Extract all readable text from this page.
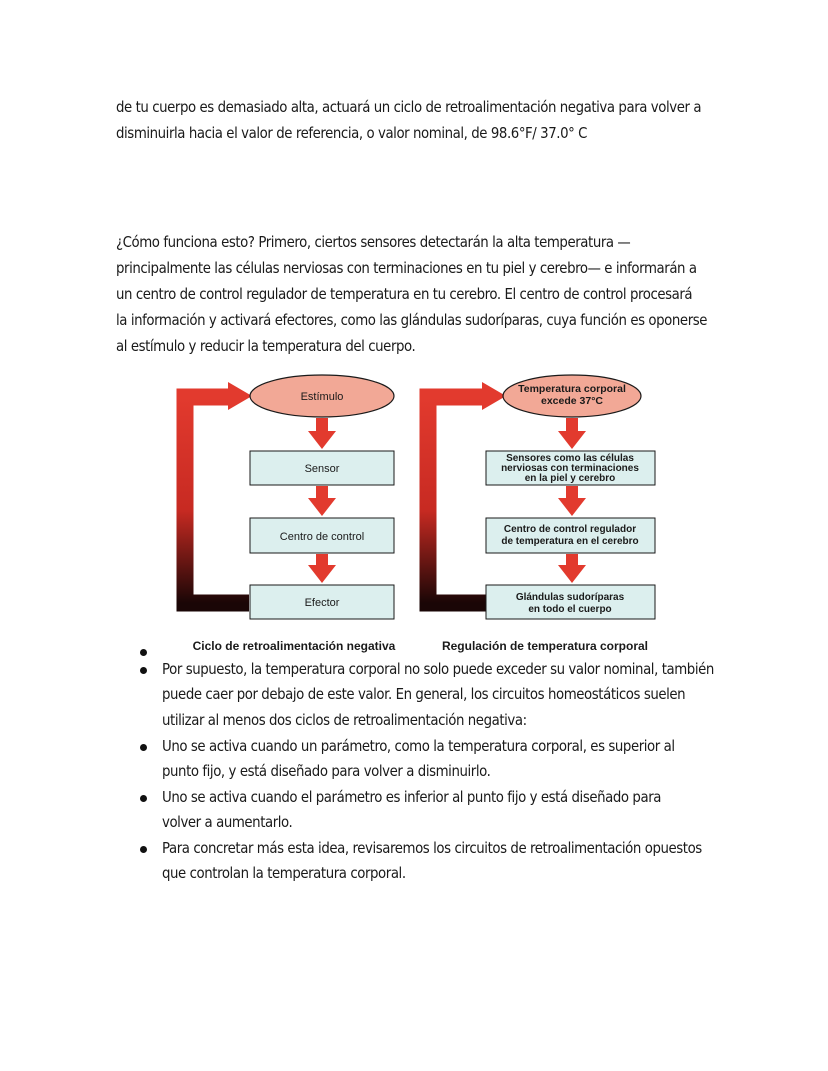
de tu cuerpo es demasiado alta, actuará un ciclo de retroalimentación negativa para volver a
disminuirla hacia el valor de referencia, o valor nominal, de 98.6°F/ 37.0° C
¿Cómo funciona esto? Primero, ciertos sensores detectarán la alta temperatura —
principalmente las células nerviosas con terminaciones en tu piel y cerebro— e informarán a
un centro de control regulador de temperatura en tu cerebro. El centro de control procesará
la información y activará efectores, como las glándulas sudoríparas, cuya función es oponerse
al estímulo y reducir la temperatura del cuerpo.
Estímulo
Sensor
Centro de control
Efector
Ciclo de retroalimentación negativa
Temperatura corporal
excede 37°C
Sensores como las células
nerviosas con terminaciones
en la piel y cerebro
Centro de control regulador
de temperatura en el cerebro
Glándulas sudoríparas
en todo el cuerpo
Regulación de temperatura corporal
Por supuesto, la temperatura corporal no solo puede exceder su valor nominal, también
puede caer por debajo de este valor. En general, los circuitos homeostáticos suelen
utilizar al menos dos ciclos de retroalimentación negativa:
Uno se activa cuando un parámetro, como la temperatura corporal, es superior al
punto fijo, y está diseñado para volver a disminuirlo.
Uno se activa cuando el parámetro es inferior al punto fijo y está diseñado para
volver a aumentarlo.
Para concretar más esta idea, revisaremos los circuitos de retroalimentación opuestos
que controlan la temperatura corporal.
